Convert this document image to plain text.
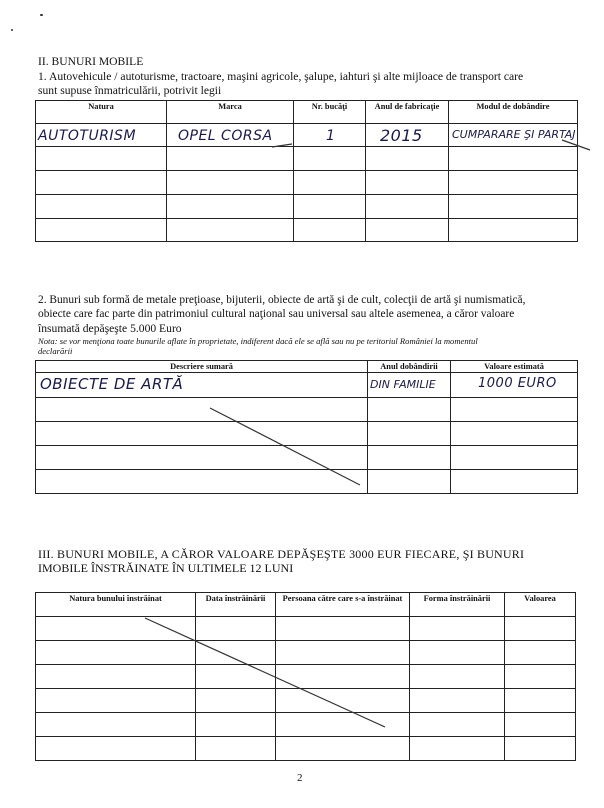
II. BUNURI MOBILE
1. Autovehicule / autoturisme, tractoare, maşini agricole, şalupe, iahturi şi alte mijloace de transport care
sunt supuse înmatriculării, potrivit legii
Natura	Marca	Nr. bucăţi	Anul de fabricaţie	Modul de dobândire

AUTOTURISM	OPEL CORSA	1	2015	CUMPARARE ŞI PARTAJ
2. Bunuri sub formă de metale preţioase, bijuterii, obiecte de artă şi de cult, colecţii de artă şi numismatică,
obiecte care fac parte din patrimoniul cultural naţional sau universal sau altele asemenea, a căror valoare
însumată depăşeşte 5.000 Euro
Nota: se vor menţiona toate bunurile aflate în proprietate, indiferent dacă ele se află sau nu pe teritoriul României la momentul
declarării
Descriere sumară	Anul dobândirii	Valoare estimată

OBIECTE DE ARTĂ	DIN FAMILIE	1000 EURO
III. BUNURI MOBILE, A CĂROR VALOARE DEPĂŞEŞTE 3000 EUR FIECARE, ŞI BUNURI
IMOBILE ÎNSTRĂINATE ÎN ULTIMELE 12 LUNI
Natura bunului înstrăinat	Data înstrăinării	Persoana către care s-a înstrăinat	Forma înstrăinării	Valoarea

2
